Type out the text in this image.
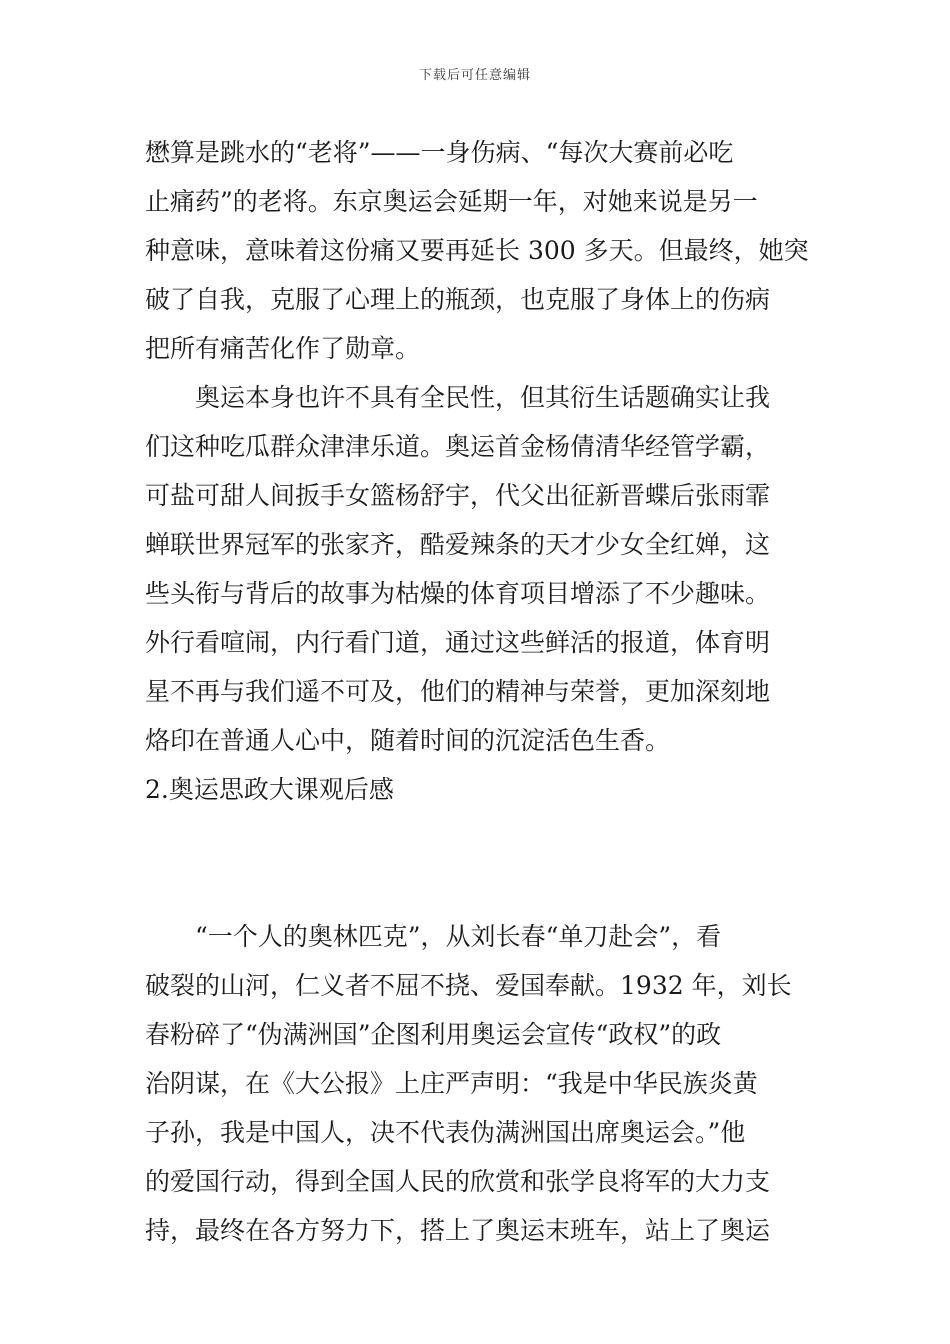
下载后可任意编辑
懋算是跳水的“老将”——一身伤病、“每次大赛前必吃
止痛药”的老将。东京奥运会延期一年，对她来说是另一
种意味，意味着这份痛又要再延长 300 多天。但最终，她突
破了自我，克服了心理上的瓶颈，也克服了身体上的伤病
把所有痛苦化作了勋章。
奥运本身也许不具有全民性，但其衍生话题确实让我
们这种吃瓜群众津津乐道。奥运首金杨倩清华经管学霸，
可盐可甜人间扳手女篮杨舒宇，代父出征新晋蝶后张雨霏
蝉联世界冠军的张家齐，酷爱辣条的天才少女全红婵，这
些头衔与背后的故事为枯燥的体育项目增添了不少趣味。
外行看喧闹，内行看门道，通过这些鲜活的报道，体育明
星不再与我们遥不可及，他们的精神与荣誉，更加深刻地
烙印在普通人心中，随着时间的沉淀活色生香。
2.奥运思政大课观后感
“一个人的奥林匹克”，从刘长春“单刀赴会”，看
破裂的山河，仁义者不屈不挠、爱国奉献。1932 年，刘长
春粉碎了“伪满洲国”企图利用奥运会宣传“政权”的政
治阴谋，在《大公报》上庄严声明：“我是中华民族炎黄
子孙，我是中国人，决不代表伪满洲国出席奥运会。”他
的爱国行动，得到全国人民的欣赏和张学良将军的大力支
持，最终在各方努力下，搭上了奥运末班车，站上了奥运
